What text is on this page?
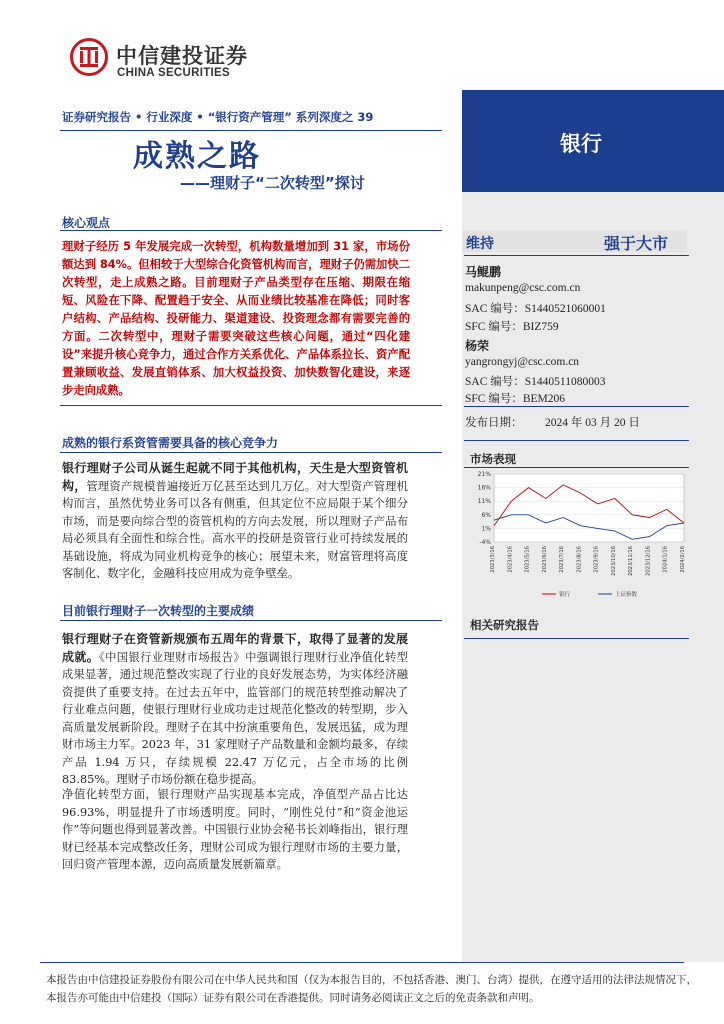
中信建投证券
CHINA SECURITIES
证券研究报告 • 行业深度 • “银行资产管理” 系列深度之 39
成熟之路
——理财子“二次转型”探讨
银行
维持	强于大市
马鲲鹏
makunpeng@csc.com.cn
SAC 编号：S1440521060001
SFC 编号：BIZ759
杨荣
yangrongyj@csc.com.cn
SAC 编号：S1440511080003
SFC 编号：BEM206
发布日期： 2024 年 03 月 20 日
市场表现
21%
16%
11%
6%
1%
-4%
2023/3/16 2023/4/16 2023/5/16 2023/6/16 2023/7/16 2023/8/16 2023/9/16 2023/10/16 2023/11/16 2023/12/16 2024/1/16 2024/2/16
银行	上证指数
相关研究报告
核心观点
理财子经历 5 年发展完成一次转型，机构数量增加到 31 家，市场份额达到 84%。但相较于大型综合化资管机构而言，理财子仍需加快二次转型，走上成熟之路。目前理财子产品类型存在压缩、期限在缩短、风险在下降、配置趋于安全、从而业绩比较基准在降低；同时客户结构、产品结构、投研能力、渠道建设、投资理念都有需要完善的方面。二次转型中，理财子需要突破这些核心问题，通过“四化建设”来提升核心竞争力，通过合作方关系优化、产品体系拉长、资产配置兼顾收益、发展直销体系、加大权益投资、加快数智化建设，来逐步走向成熟。
成熟的银行系资管需要具备的核心竞争力
银行理财子公司从诞生起就不同于其他机构，天生是大型资管机构，管理资产规模普遍接近万亿甚至达到几万亿。对大型资产管理机构而言，虽然优势业务可以各有侧重，但其定位不应局限于某个细分市场，而是要向综合型的资管机构的方向去发展，所以理财子产品布局必须具有全面性和综合性。高水平的投研是资管行业可持续发展的基础设施，将成为同业机构竞争的核心；展望未来，财富管理将高度客制化、数字化，金融科技应用成为竞争壁垒。
目前银行理财子一次转型的主要成绩
银行理财子在资管新规颁布五周年的背景下，取得了显著的发展成就。《中国银行业理财市场报告》中强调银行理财行业净值化转型成果显著，通过规范整改实现了行业的良好发展态势，为实体经济融资提供了重要支持。在过去五年中，监管部门的规范转型推动解决了行业难点问题，使银行理财行业成功走过规范化整改的转型期，步入高质量发展新阶段。理财子在其中扮演重要角色，发展迅猛，成为理财市场主力军。2023 年，31 家理财子产品数量和金额均最多，存续产品 1.94 万只，存续规模 22.47 万亿元，占全市场的比例 83.85%。理财子市场份额在稳步提高。
净值化转型方面，银行理财产品实现基本完成，净值型产品占比达 96.93%，明显提升了市场透明度。同时，“刚性兑付”和“资金池运作”等问题也得到显著改善。中国银行业协会秘书长刘峰指出，银行理财已经基本完成整改任务，理财公司成为银行理财市场的主要力量，回归资产管理本源，迈向高质量发展新篇章。
本报告由中信建投证券股份有限公司在中华人民共和国（仅为本报告目的，不包括香港、澳门、台湾）提供，在遵守适用的法律法规情况下，
本报告亦可能由中信建投（国际）证券有限公司在香港提供。同时请务必阅读正文之后的免责条款和声明。
